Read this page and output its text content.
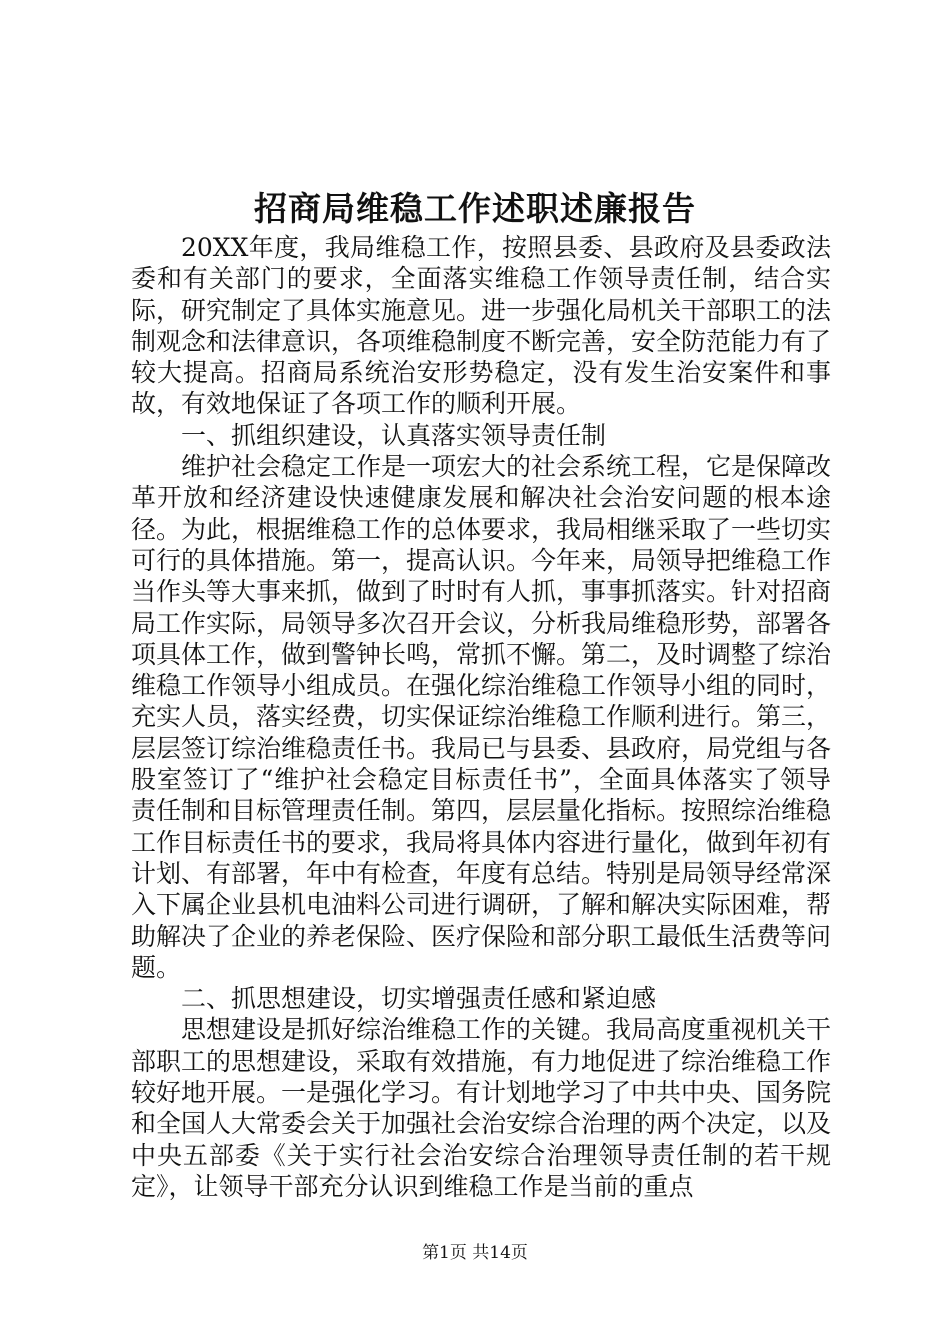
招商局维稳工作述职述廉报告

20XX年度，我局维稳工作，按照县委、县政府及县委政法委和有关部门的要求，全面落实维稳工作领导责任制，结合实际，研究制定了具体实施意见。进一步强化局机关干部职工的法制观念和法律意识，各项维稳制度不断完善，安全防范能力有了较大提高。招商局系统治安形势稳定，没有发生治安案件和事故，有效地保证了各项工作的顺利开展。

一、抓组织建设，认真落实领导责任制

维护社会稳定工作是一项宏大的社会系统工程，它是保障改革开放和经济建设快速健康发展和解决社会治安问题的根本途径。为此，根据维稳工作的总体要求，我局相继采取了一些切实可行的具体措施。第一，提高认识。今年来，局领导把维稳工作当作头等大事来抓，做到了时时有人抓，事事抓落实。针对招商局工作实际，局领导多次召开会议，分析我局维稳形势，部署各项具体工作，做到警钟长鸣，常抓不懈。第二，及时调整了综治维稳工作领导小组成员。在强化综治维稳工作领导小组的同时，充实人员，落实经费，切实保证综治维稳工作顺利进行。第三，层层签订综治维稳责任书。我局已与县委、县政府，局党组与各股室签订了“维护社会稳定目标责任书”，全面具体落实了领导责任制和目标管理责任制。第四，层层量化指标。按照综治维稳工作目标责任书的要求，我局将具体内容进行量化，做到年初有计划、有部署，年中有检查，年度有总结。特别是局领导经常深入下属企业县机电油料公司进行调研，了解和解决实际困难，帮助解决了企业的养老保险、医疗保险和部分职工最低生活费等问题。

二、抓思想建设，切实增强责任感和紧迫感

思想建设是抓好综治维稳工作的关键。我局高度重视机关干部职工的思想建设，采取有效措施，有力地促进了综治维稳工作较好地开展。一是强化学习。有计划地学习了中共中央、国务院和全国人大常委会关于加强社会治安综合治理的两个决定，以及中央五部委《关于实行社会治安综合治理领导责任制的若干规定》，让领导干部充分认识到维稳工作是当前的重点

第1页 共14页
